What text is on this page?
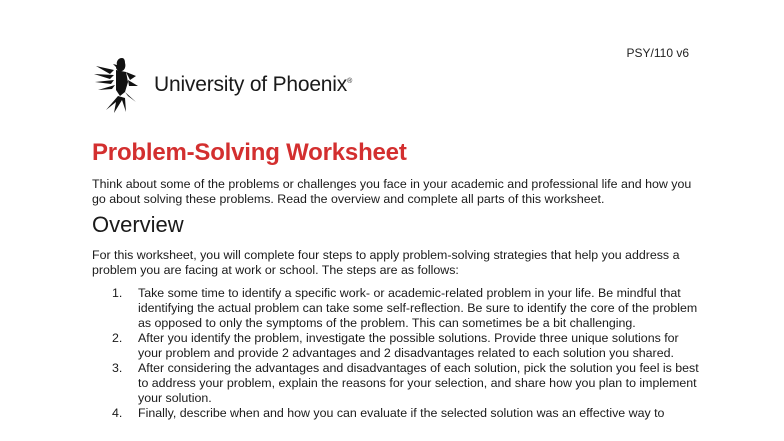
PSY/110 v6
University of Phoenix®
Problem-Solving Worksheet

Think about some of the problems or challenges you face in your academic and professional life and how you go about solving these problems. Read the overview and complete all parts of this worksheet.

Overview

For this worksheet, you will complete four steps to apply problem-solving strategies that help you address a problem you are facing at work or school. The steps are as follows:

1. Take some time to identify a specific work- or academic-related problem in your life. Be mindful that identifying the actual problem can take some self-reflection. Be sure to identify the core of the problem as opposed to only the symptoms of the problem. This can sometimes be a bit challenging.
2. After you identify the problem, investigate the possible solutions. Provide three unique solutions for your problem and provide 2 advantages and 2 disadvantages related to each solution you shared.
3. After considering the advantages and disadvantages of each solution, pick the solution you feel is best to address your problem, explain the reasons for your selection, and share how you plan to implement your solution.
4. Finally, describe when and how you can evaluate if the selected solution was an effective way to
